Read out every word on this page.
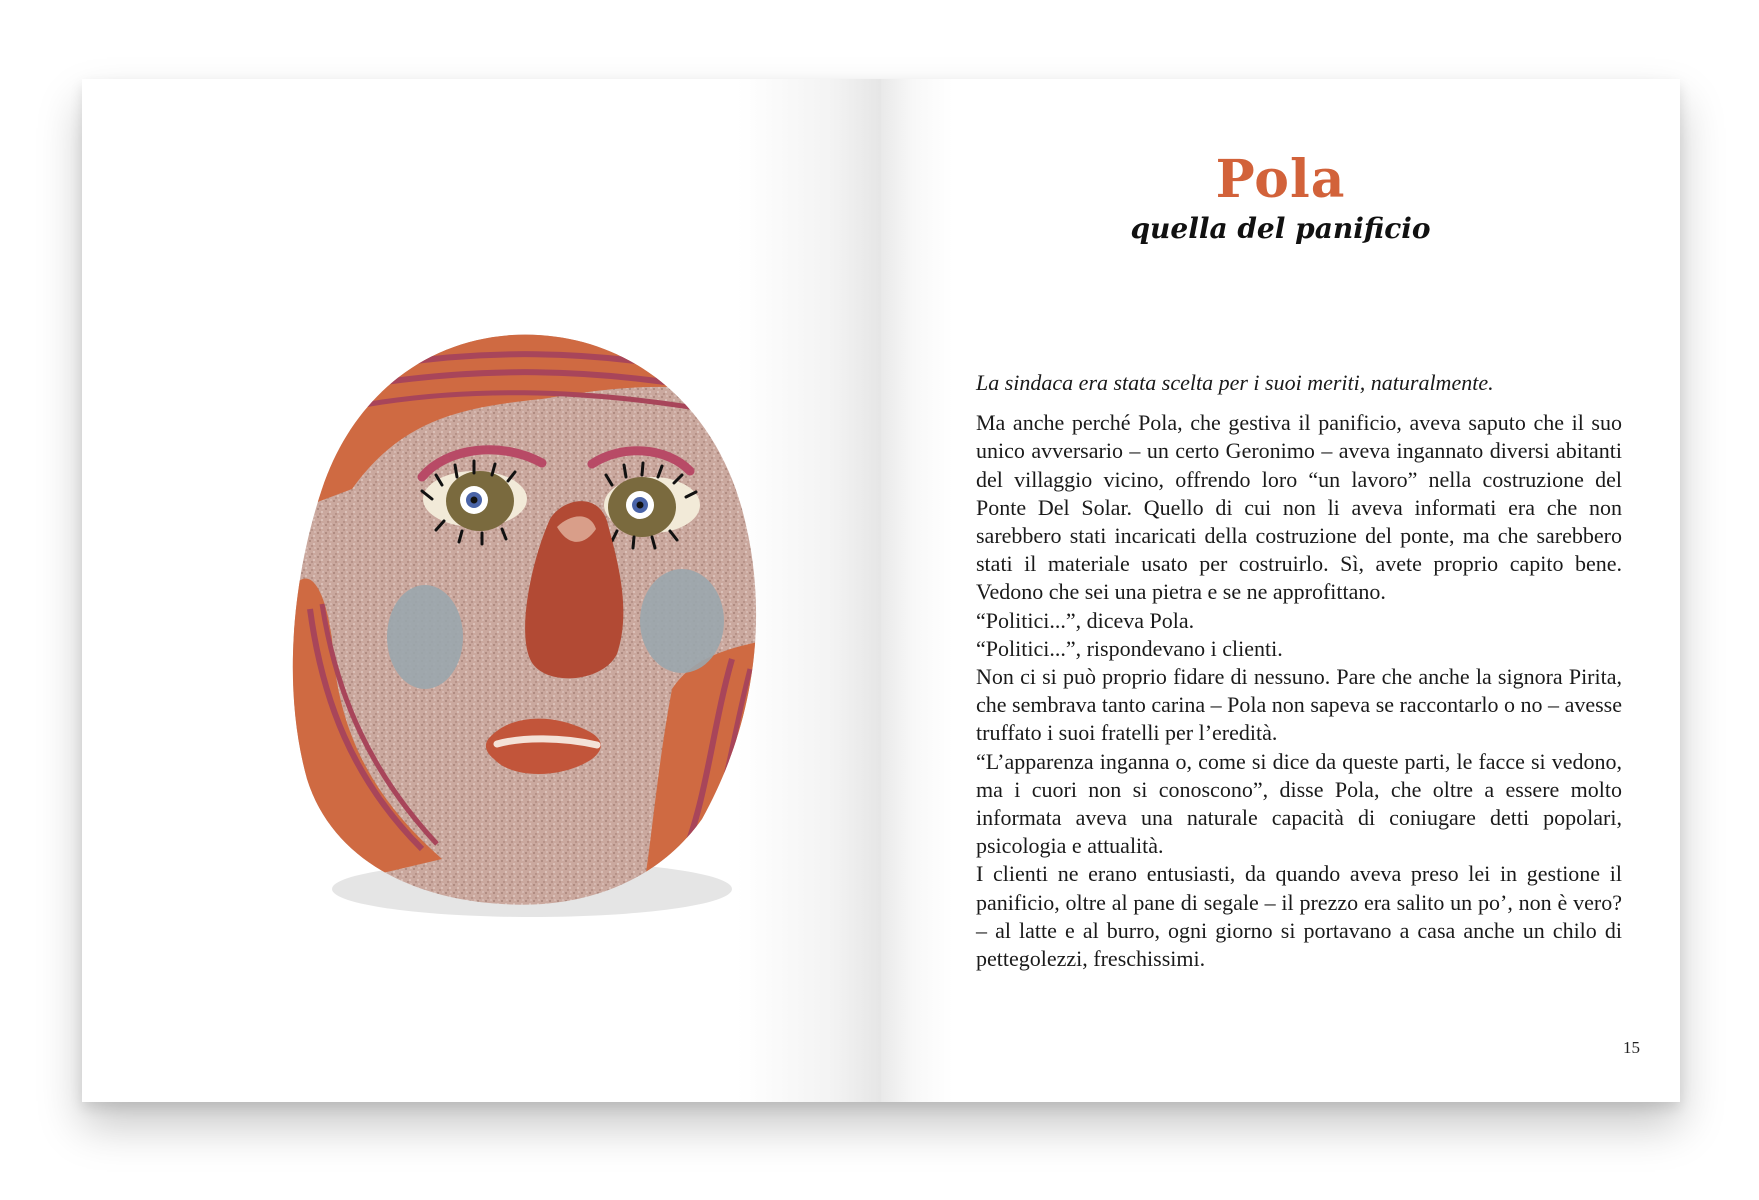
Pola
quella del panificio

La sindaca era stata scelta per i suoi meriti, naturalmente.

Ma anche perché Pola, che gestiva il panificio, aveva saputo che il suo unico avversario – un certo Geronimo – aveva ingannato diversi abitanti del villaggio vicino, offrendo loro “un lavoro” nella costruzione del Ponte Del Solar. Quello di cui non li aveva informati era che non sarebbero stati incaricati della costruzione del ponte, ma che sarebbero stati il materiale usato per costruirlo. Sì, avete proprio capito bene. Vedono che sei una pietra e se ne approfittano.

“Politici...”, diceva Pola.

“Politici...”, rispondevano i clienti.

Non ci si può proprio fidare di nessuno. Pare che anche la signora Pirita, che sembrava tanto carina – Pola non sapeva se raccontarlo o no – avesse truffato i suoi fratelli per l’eredità.

“L’apparenza inganna o, come si dice da queste parti, le facce si vedono, ma i cuori non si conoscono”, disse Pola, che oltre a essere molto informata aveva una naturale capacità di coniugare detti popolari, psicologia e attualità.

I clienti ne erano entusiasti, da quando aveva preso lei in gestione il panificio, oltre al pane di segale – il prezzo era salito un po’, non è vero? – al latte e al burro, ogni giorno si portavano a casa anche un chilo di pettegolezzi, freschissimi.

15
